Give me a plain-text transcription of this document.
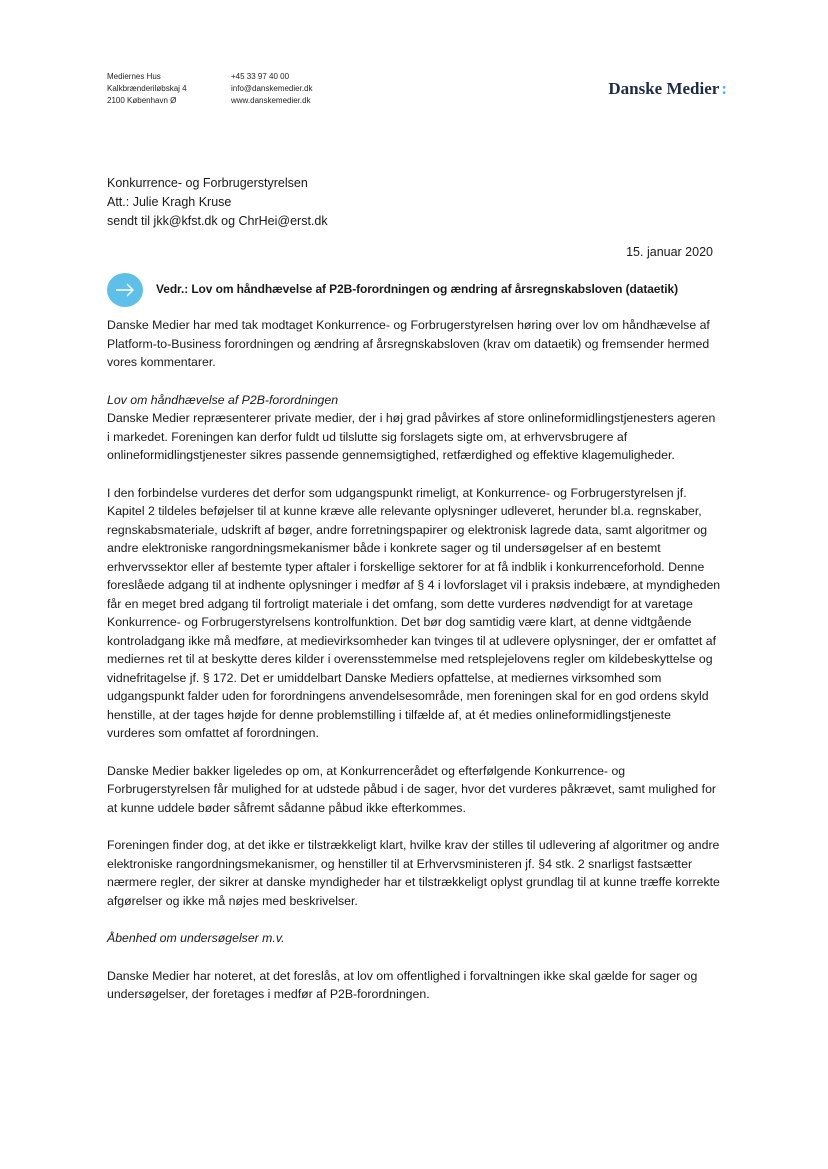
Mediernes Hus
Kalkbrænderiløbskaj 4
2100 København Ø
+45 33 97 40 00
info@danskemedier.dk
www.danskemedier.dk
Danske Medier :
Konkurrence- og Forbrugerstyrelsen
Att.: Julie Kragh Kruse
sendt til jkk@kfst.dk og ChrHei@erst.dk
15. januar 2020
Vedr.: Lov om håndhævelse af P2B-forordningen og ændring af årsregnskabsloven (dataetik)

Danske Medier har med tak modtaget Konkurrence- og Forbrugerstyrelsen høring over lov om håndhævelse af Platform-to-Business forordningen og ændring af årsregnskabsloven (krav om dataetik) og fremsender hermed vores kommentarer.

Lov om håndhævelse af P2B-forordningen

Danske Medier repræsenterer private medier, der i høj grad påvirkes af store onlineformidlingstjenesters ageren i markedet. Foreningen kan derfor fuldt ud tilslutte sig forslagets sigte om, at erhvervsbrugere af onlineformidlingstjenester sikres passende gennemsigtighed, retfærdighed og effektive klagemuligheder.

I den forbindelse vurderes det derfor som udgangspunkt rimeligt, at Konkurrence- og Forbrugerstyrelsen jf. Kapitel 2 tildeles beføjelser til at kunne kræve alle relevante oplysninger udleveret, herunder bl.a. regnskaber, regnskabsmateriale, udskrift af bøger, andre forretningspapirer og elektronisk lagrede data, samt algoritmer og andre elektroniske rangordningsmekanismer både i konkrete sager og til undersøgelser af en bestemt erhvervssektor eller af bestemte typer aftaler i forskellige sektorer for at få indblik i konkurrenceforhold. Denne foreslåede adgang til at indhente oplysninger i medfør af § 4 i lovforslaget vil i praksis indebære, at myndigheden får en meget bred adgang til fortroligt materiale i det omfang, som dette vurderes nødvendigt for at varetage Konkurrence- og Forbrugerstyrelsens kontrolfunktion. Det bør dog samtidig være klart, at denne vidtgående kontroladgang ikke må medføre, at medievirksomheder kan tvinges til at udlevere oplysninger, der er omfattet af mediernes ret til at beskytte deres kilder i overensstemmelse med retsplejelovens regler om kildebeskyttelse og vidnefritagelse jf. § 172. Det er umiddelbart Danske Mediers opfattelse, at mediernes virksomhed som udgangspunkt falder uden for forordningens anvendelsesområde, men foreningen skal for en god ordens skyld henstille, at der tages højde for denne problemstilling i tilfælde af, at ét medies onlineformidlingstjeneste vurderes som omfattet af forordningen.

Danske Medier bakker ligeledes op om, at Konkurrencerådet og efterfølgende Konkurrence- og Forbrugerstyrelsen får mulighed for at udstede påbud i de sager, hvor det vurderes påkrævet, samt mulighed for at kunne uddele bøder såfremt sådanne påbud ikke efterkommes.

Foreningen finder dog, at det ikke er tilstrækkeligt klart, hvilke krav der stilles til udlevering af algoritmer og andre elektroniske rangordningsmekanismer, og henstiller til at Erhvervsministeren jf. §4 stk. 2 snarligst fastsætter nærmere regler, der sikrer at danske myndigheder har et tilstrækkeligt oplyst grundlag til at kunne træffe korrekte afgørelser og ikke må nøjes med beskrivelser.

Åbenhed om undersøgelser m.v.

Danske Medier har noteret, at det foreslås, at lov om offentlighed i forvaltningen ikke skal gælde for sager og undersøgelser, der foretages i medfør af P2B-forordningen.
